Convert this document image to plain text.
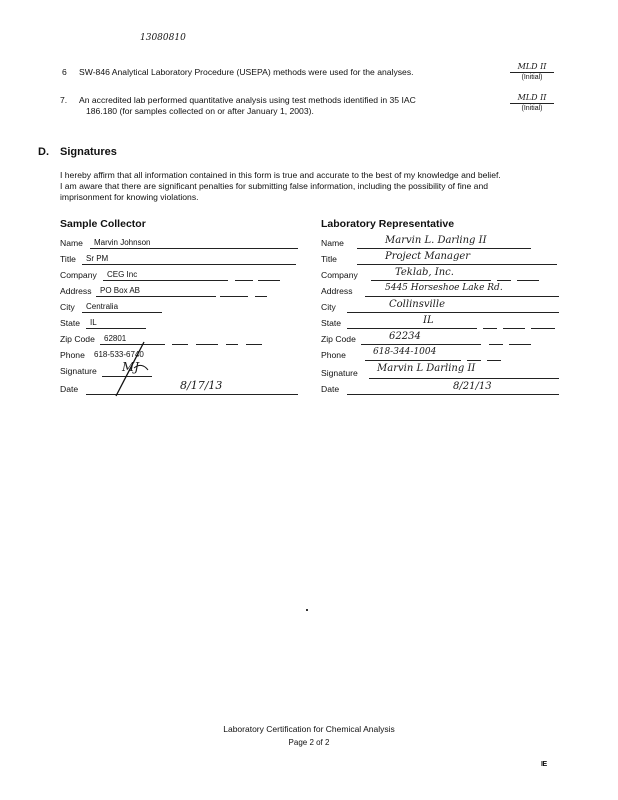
13080810
6 SW-846 Analytical Laboratory Procedure (USEPA) methods were used for the analyses.
MLD II
(Initial)
7. An accredited lab performed quantitative analysis using test methods identified in 35 IAC
186.180 (for samples collected on or after January 1, 2003).
MLD II
(Initial)
D. Signatures
I hereby affirm that all information contained in this form is true and accurate to the best of my knowledge and belief.
I am aware that there are significant penalties for submitting false information, including the possibility of fine and
imprisonment for knowing violations.
Sample Collector	Laboratory Representative
Name Marvin Johnson
Title Sr PM
Company CEG Inc
Address PO Box AB
City Centralia
State IL
Zip Code 62801
Phone 618-533-6740
Signature MJ
Date	8/17/13
Name	Marvin L. Darling II
Title	Project Manager
Company	Teklab, Inc.
Address	5445 Horseshoe Lake Rd.
City	Collinsville
State	IL
Zip Code	62234
Phone	618-344-1004
Signature Marvin L Darling II
Date	8/21/13
Laboratory Certification for Chemical Analysis
Page 2 of 2
IE
